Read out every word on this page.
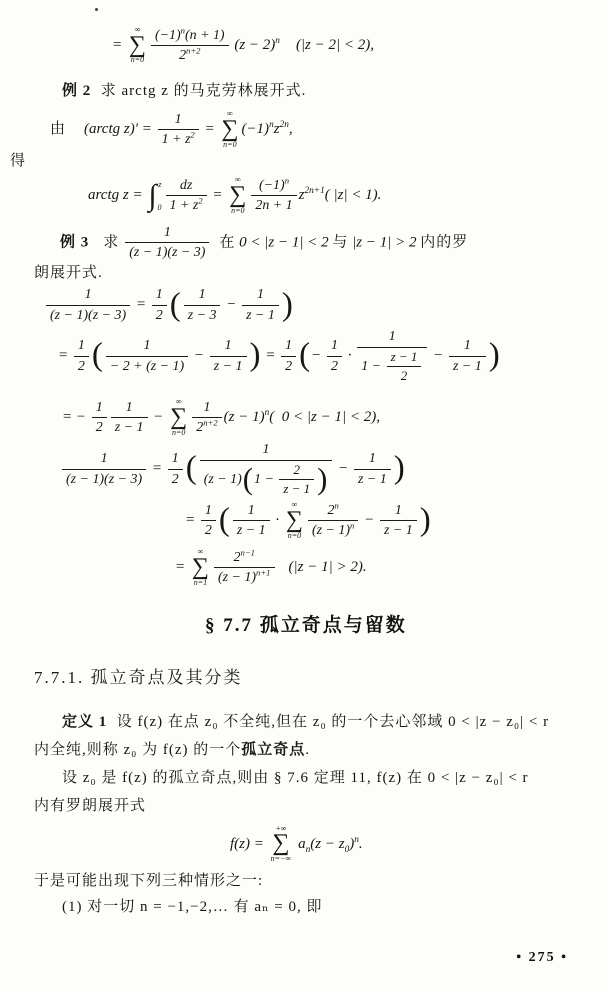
=
∞
∑
$n=0 \frac{(-1)^n(n + 1)}{2^{n+2}} (z - 2)^n$ (|z − 2| < 2),
例 2  求 arctg z 的马克劳林展开式.
由 (arctg $z)' = \frac{1}{1 + z^2}$ =
∞
∑
n=0
$(-1)^nz^{2n}$,
得
arctg z = ∫ z
$0 \frac{dz}{1 + z^2}$ =
∞
∑
$n=0 \frac{(-1)^n}{2n + 1} z^{2n+1}$( |z| < 1).
例 3 求 $\frac{1}{(z - 1)(z - 3)}$ 在 0 < |z − 1| < 2 与 |z − 1| > 2 内的罗
朗展开式.
$\frac{1}{(z - 1)(z - 3)} = \frac{1}{2}$ ( $\frac{1}{z - 3} - \frac{1}{z - 1}$ )
= $\frac{1}{2}$ ( $\frac{1}{- 2 + (z - 1)} - \frac{1}{z - 1}$ ) = $\frac{1}{2}$ (− $\frac{1}{2} \cdot \frac{1}{1 - \frac{z - 1}{2}} - \frac{1}{z - 1}$ )
= − $\frac{1}{2} \frac{1}{z - 1}$ −
∞
∑
$n=0 \frac{1}{2^{n+2}} (z - 1)^n$(  0 < |z − 1| < 2),
$\frac{1}{(z - 1)(z - 3)} = \frac{1}{2}$ ( $\frac{1}{(z - 1)(1 - \frac{2}{z - 1} )} - \frac{1}{z - 1}$ )
= $\frac{1}{2}$ ( $\frac{1}{z - 1}$ ·
∞
∑
$n=0 \frac{2^n}{(z - 1)^n} - \frac{1}{z - 1}$ )
=
∞
∑
$n=1 \frac{2^{n-1}}{(z - 1)^{n+1}} (|z - 1| > 2)$.
§ 7.7 孤立奇点与留数
7.7.1. 孤立奇点及其分类
定义 1  设 f(z) 在点 z₀ 不全纯,但在 z₀ 的一个去心邻域 0 < |z − z₀| < r
内全纯,则称 z₀ 为 f(z) 的一个孤立奇点.
设 z₀ 是 f(z) 的孤立奇点,则由 § 7.6 定理 11, f(z) 在 0 < |z − z₀| < r
内有罗朗展开式
f(z) =
+∞
∑
n=−∞
$a_n(z - z_0)^n$.
于是可能出现下列三种情形之一:
(1) 对一切 n = −1,−2,… 有 aₙ = 0, 即
• 275 •
